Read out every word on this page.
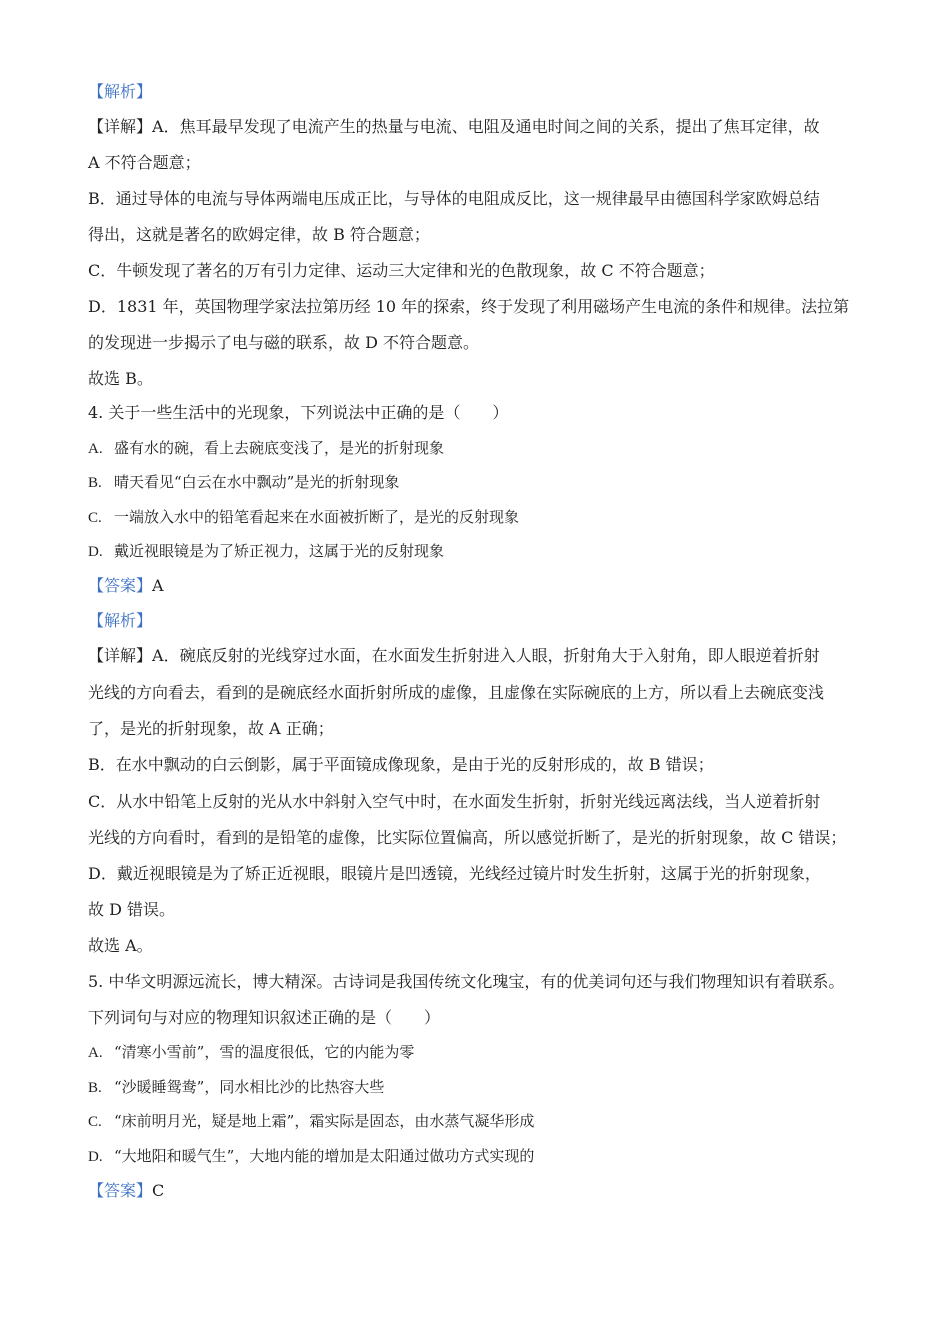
【解析】
【详解】A．焦耳最早发现了电流产生的热量与电流、电阻及通电时间之间的关系，提出了焦耳定律，故
A 不符合题意；
B．通过导体的电流与导体两端电压成正比，与导体的电阻成反比，这一规律最早由德国科学家欧姆总结
得出，这就是著名的欧姆定律，故 B 符合题意；
C．牛顿发现了著名的万有引力定律、运动三大定律和光的色散现象，故 C 不符合题意；
D．1831 年，英国物理学家法拉第历经 10 年的探索，终于发现了利用磁场产生电流的条件和规律。法拉第
的发现进一步揭示了电与磁的联系，故 D 不符合题意。
故选 B。
4. 关于一些生活中的光现象，下列说法中正确的是（　　）
A. 盛有水的碗，看上去碗底变浅了，是光的折射现象
B. 晴天看见“白云在水中飘动”是光的折射现象
C. 一端放入水中的铅笔看起来在水面被折断了，是光的反射现象
D. 戴近视眼镜是为了矫正视力，这属于光的反射现象
【答案】A
【解析】
【详解】A．碗底反射的光线穿过水面，在水面发生折射进入人眼，折射角大于入射角，即人眼逆着折射
光线的方向看去，看到的是碗底经水面折射所成的虚像，且虚像在实际碗底的上方，所以看上去碗底变浅
了，是光的折射现象，故 A 正确；
B．在水中飘动的白云倒影，属于平面镜成像现象，是由于光的反射形成的，故 B 错误；
C．从水中铅笔上反射的光从水中斜射入空气中时，在水面发生折射，折射光线远离法线，当人逆着折射
光线的方向看时，看到的是铅笔的虚像，比实际位置偏高，所以感觉折断了，是光的折射现象，故 C 错误；
D．戴近视眼镜是为了矫正近视眼，眼镜片是凹透镜，光线经过镜片时发生折射，这属于光的折射现象，
故 D 错误。
故选 A。
5. 中华文明源远流长，博大精深。古诗词是我国传统文化瑰宝，有的优美词句还与我们物理知识有着联系。
下列词句与对应的物理知识叙述正确的是（　　）
A. “清寒小雪前”，雪的温度很低，它的内能为零
B. “沙暖睡鸳鸯”，同水相比沙的比热容大些
C. “床前明月光，疑是地上霜”，霜实际是固态，由水蒸气凝华形成
D. “大地阳和暖气生”，大地内能的增加是太阳通过做功方式实现的
【答案】C
